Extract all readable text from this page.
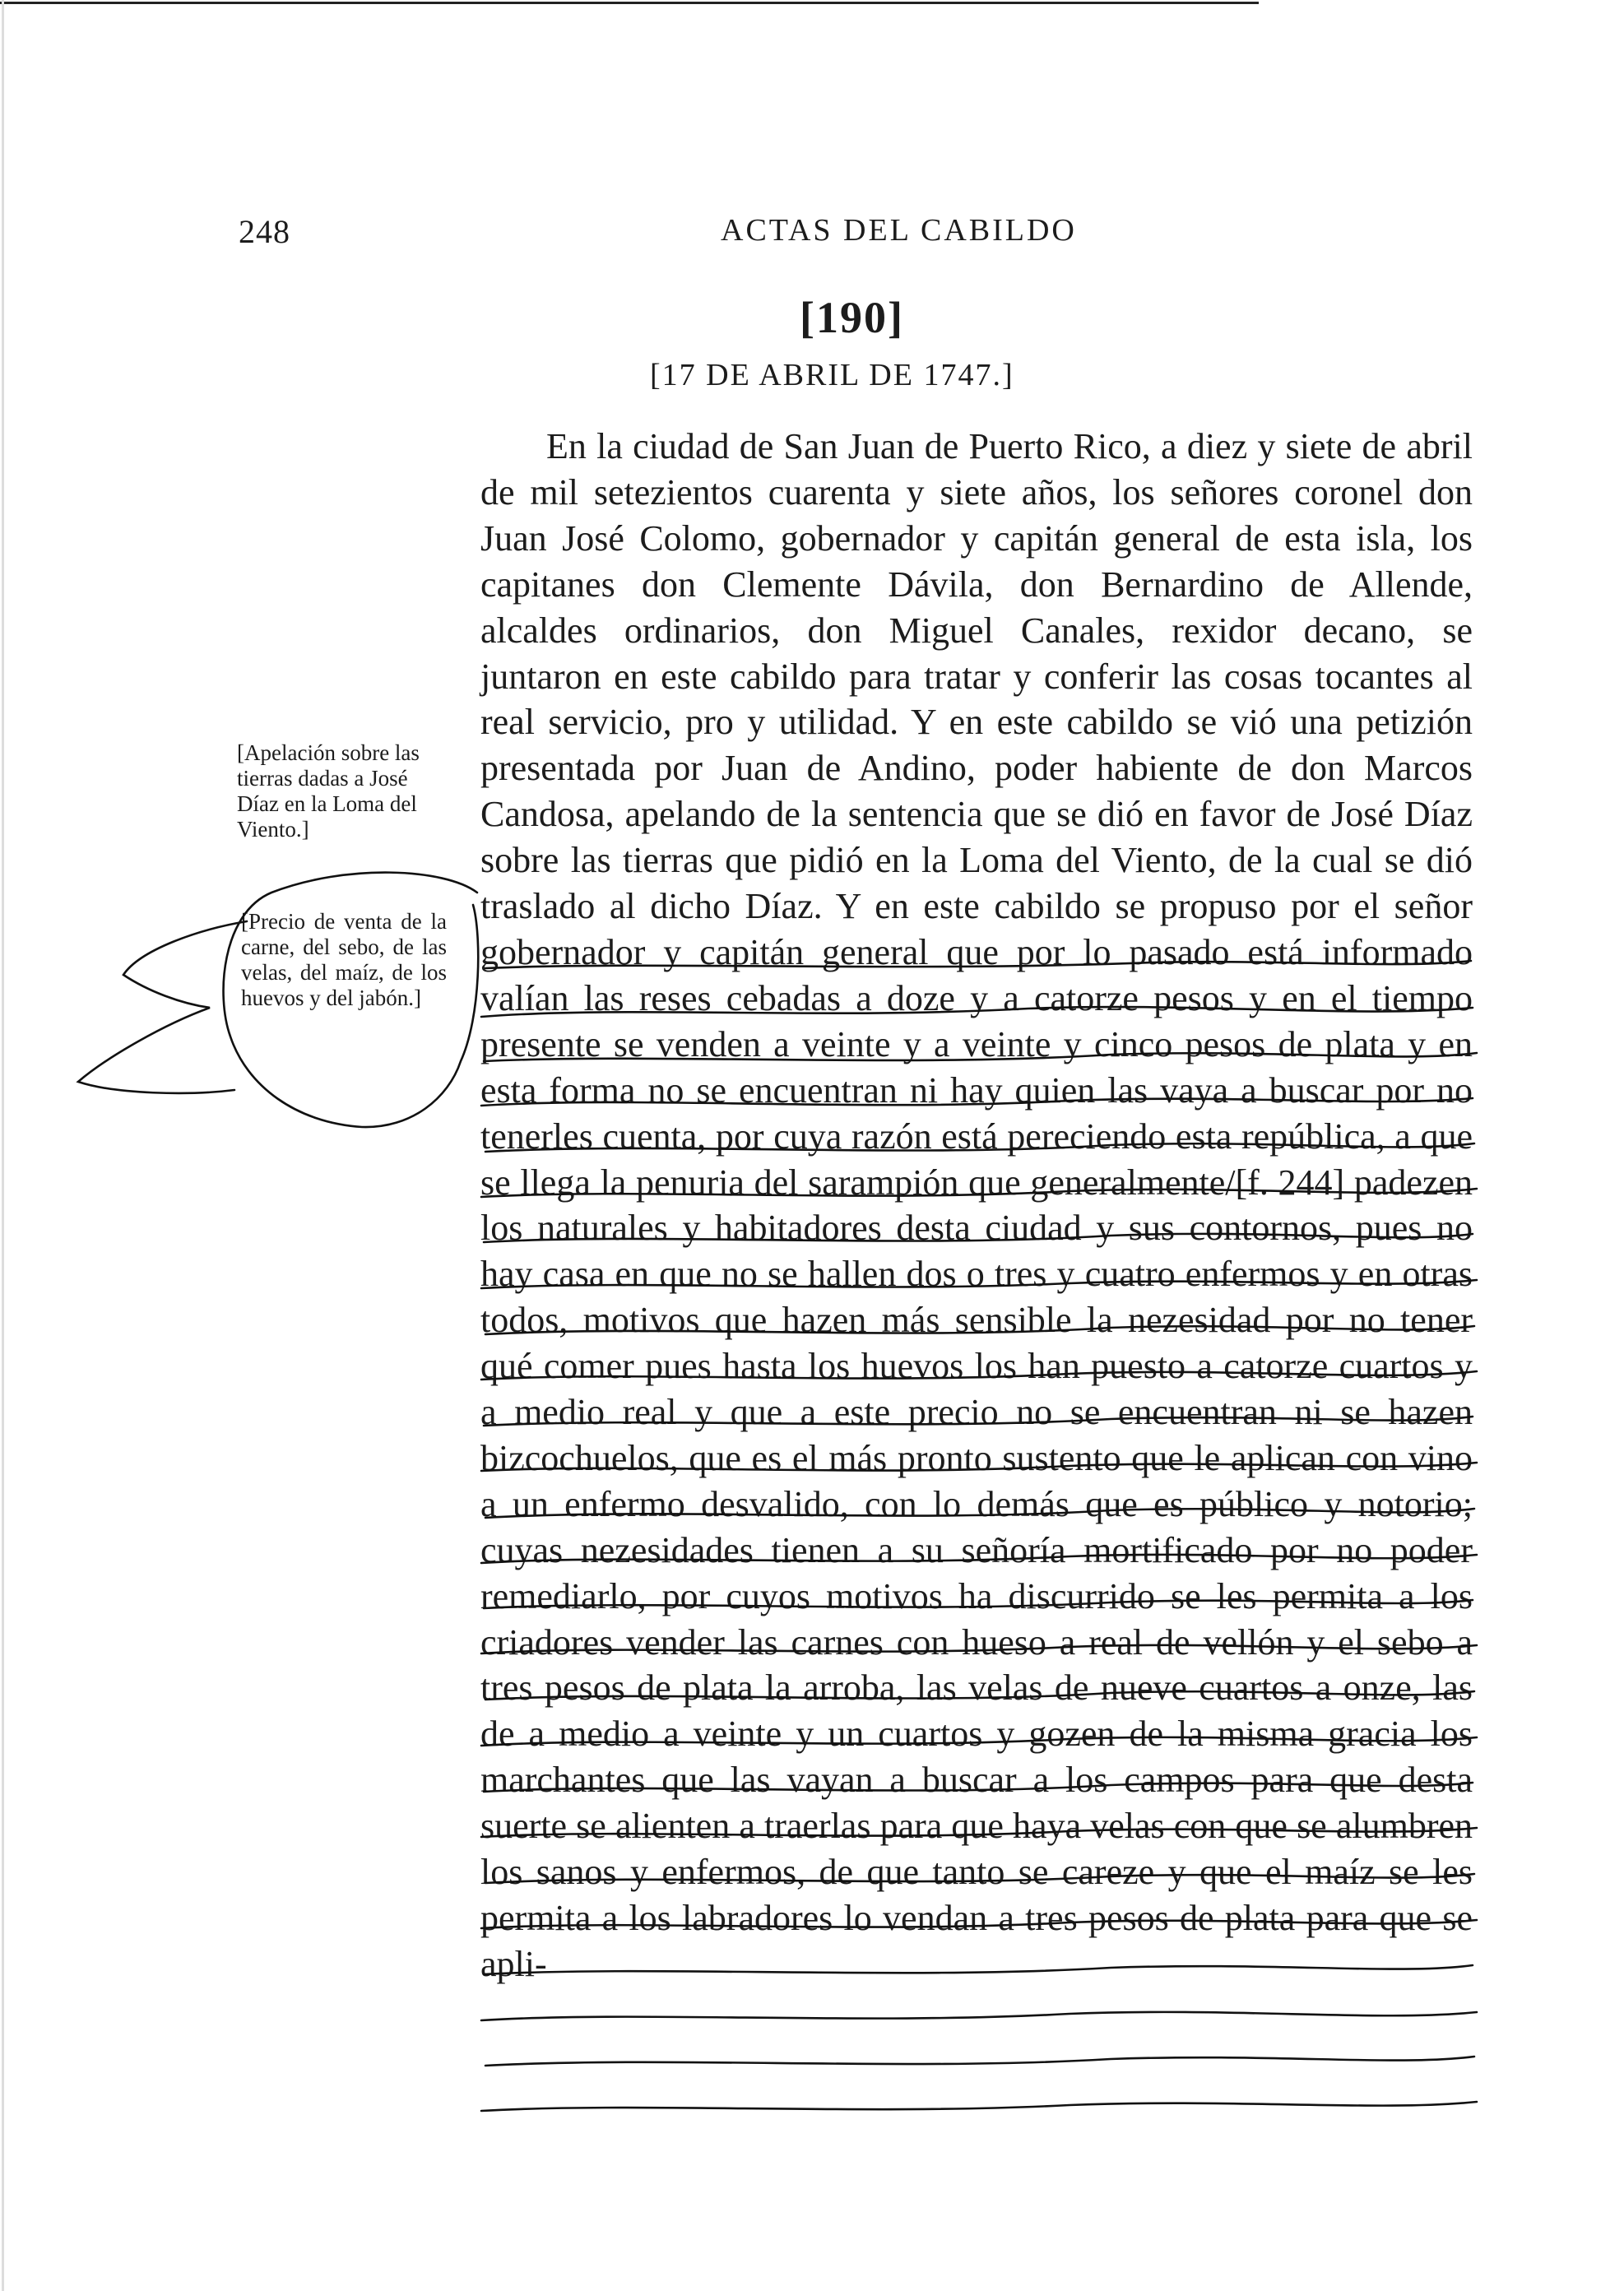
248	ACTAS DEL CABILDO
[190]
[17 DE ABRIL DE 1747.]

[Apelación sobre las tierras dadas a José Díaz en la Loma del Viento.]

[Precio de venta de la carne, del sebo, de las velas, del maíz, de los huevos y del jabón.]

En la ciudad de San Juan de Puerto Rico, a diez y siete de abril de mil setezientos cuarenta y siete años, los señores coronel don Juan José Colomo, gobernador y capitán general de esta isla, los capitanes don Clemente Dávila, don Bernardino de Allende, alcaldes ordinarios, don Miguel Canales, rexidor decano, se juntaron en este cabildo para tratar y conferir las cosas tocantes al real servicio, pro y utilidad. Y en este cabildo se vió una petizión presentada por Juan de Andino, poder habiente de don Marcos Candosa, apelando de la sentencia que se dió en favor de José Díaz sobre las tierras que pidió en la Loma del Viento, de la cual se dió traslado al dicho Díaz. Y en este cabildo se propuso por el señor gobernador y capitán general que por lo pasado está informado valían las reses cebadas a doze y a catorze pesos y en el tiempo presente se venden a veinte y a veinte y cinco pesos de plata y en esta forma no se encuentran ni hay quien las vaya a buscar por no tenerles cuenta, por cuya razón está pereciendo esta república, a que se llega la penuria del sarampión que generalmente/[f. 244] padezen los naturales y habitadores desta ciudad y sus contornos, pues no hay casa en que no se hallen dos o tres y cuatro enfermos y en otras todos, motivos que hazen más sensible la nezesidad por no tener qué comer pues hasta los huevos los han puesto a catorze cuartos y a medio real y que a este precio no se encuentran ni se hazen bizcochuelos, que es el más pronto sustento que le aplican con vino a un enfermo desvalido, con lo demás que es público y notorio; cuyas nezesidades tienen a su señoría mortificado por no poder remediarlo, por cuyos motivos ha discurrido se les permita a los criadores vender las carnes con hueso a real de vellón y el sebo a tres pesos de plata la arroba, las velas de nueve cuartos a onze, las de a medio a veinte y un cuartos y gozen de la misma gracia los marchantes que las vayan a buscar a los campos para que desta suerte se alienten a traerlas para que haya velas con que se alumbren los sanos y enfermos, de que tanto se careze y que el maíz se les permita a los labradores lo vendan a tres pesos de plata para que se apli-
